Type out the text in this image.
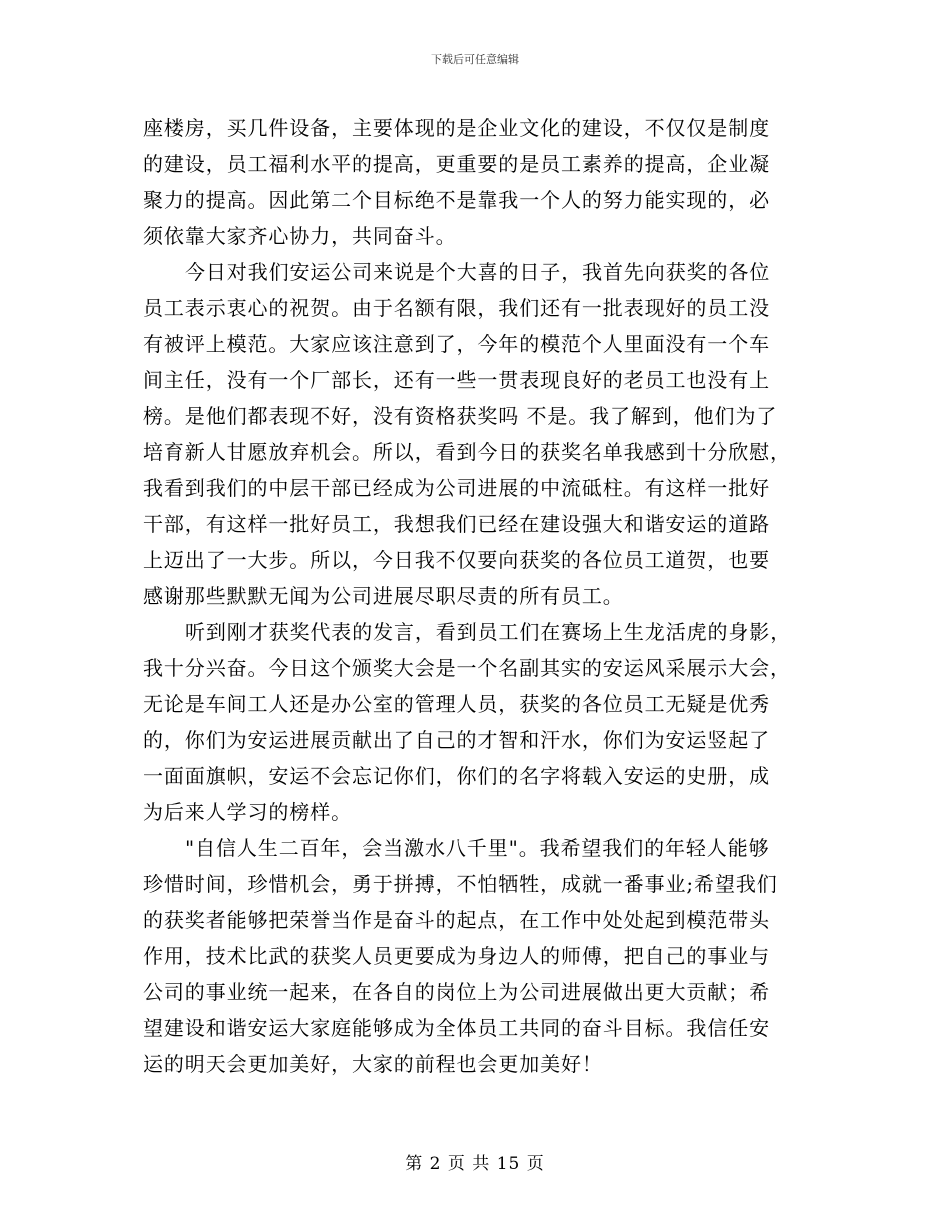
下载后可任意编辑
座楼房，买几件设备，主要体现的是企业文化的建设，不仅仅是制度
的建设，员工福利水平的提高，更重要的是员工素养的提高，企业凝
聚力的提高。因此第二个目标绝不是靠我一个人的努力能实现的，必
须依靠大家齐心协力，共同奋斗。
今日对我们安运公司来说是个大喜的日子，我首先向获奖的各位
员工表示衷心的祝贺。由于名额有限，我们还有一批表现好的员工没
有被评上模范。大家应该注意到了，今年的模范个人里面没有一个车
间主任，没有一个厂部长，还有一些一贯表现良好的老员工也没有上
榜。是他们都表现不好，没有资格获奖吗 不是。我了解到，他们为了
培育新人甘愿放弃机会。所以，看到今日的获奖名单我感到十分欣慰，
我看到我们的中层干部已经成为公司进展的中流砥柱。有这样一批好
干部，有这样一批好员工，我想我们已经在建设强大和谐安运的道路
上迈出了一大步。所以，今日我不仅要向获奖的各位员工道贺，也要
感谢那些默默无闻为公司进展尽职尽责的所有员工。
听到刚才获奖代表的发言，看到员工们在赛场上生龙活虎的身影，
我十分兴奋。今日这个颁奖大会是一个名副其实的安运风采展示大会，
无论是车间工人还是办公室的管理人员，获奖的各位员工无疑是优秀
的，你们为安运进展贡献出了自己的才智和汗水，你们为安运竖起了
一面面旗帜，安运不会忘记你们，你们的名字将载入安运的史册，成
为后来人学习的榜样。
"自信人生二百年，会当激水八千里"。我希望我们的年轻人能够
珍惜时间，珍惜机会，勇于拼搏，不怕牺牲，成就一番事业;希望我们
的获奖者能够把荣誉当作是奋斗的起点，在工作中处处起到模范带头
作用，技术比武的获奖人员更要成为身边人的师傅，把自己的事业与
公司的事业统一起来，在各自的岗位上为公司进展做出更大贡献；希
望建设和谐安运大家庭能够成为全体员工共同的奋斗目标。我信任安
运的明天会更加美好，大家的前程也会更加美好！
第 2 页 共 15 页
